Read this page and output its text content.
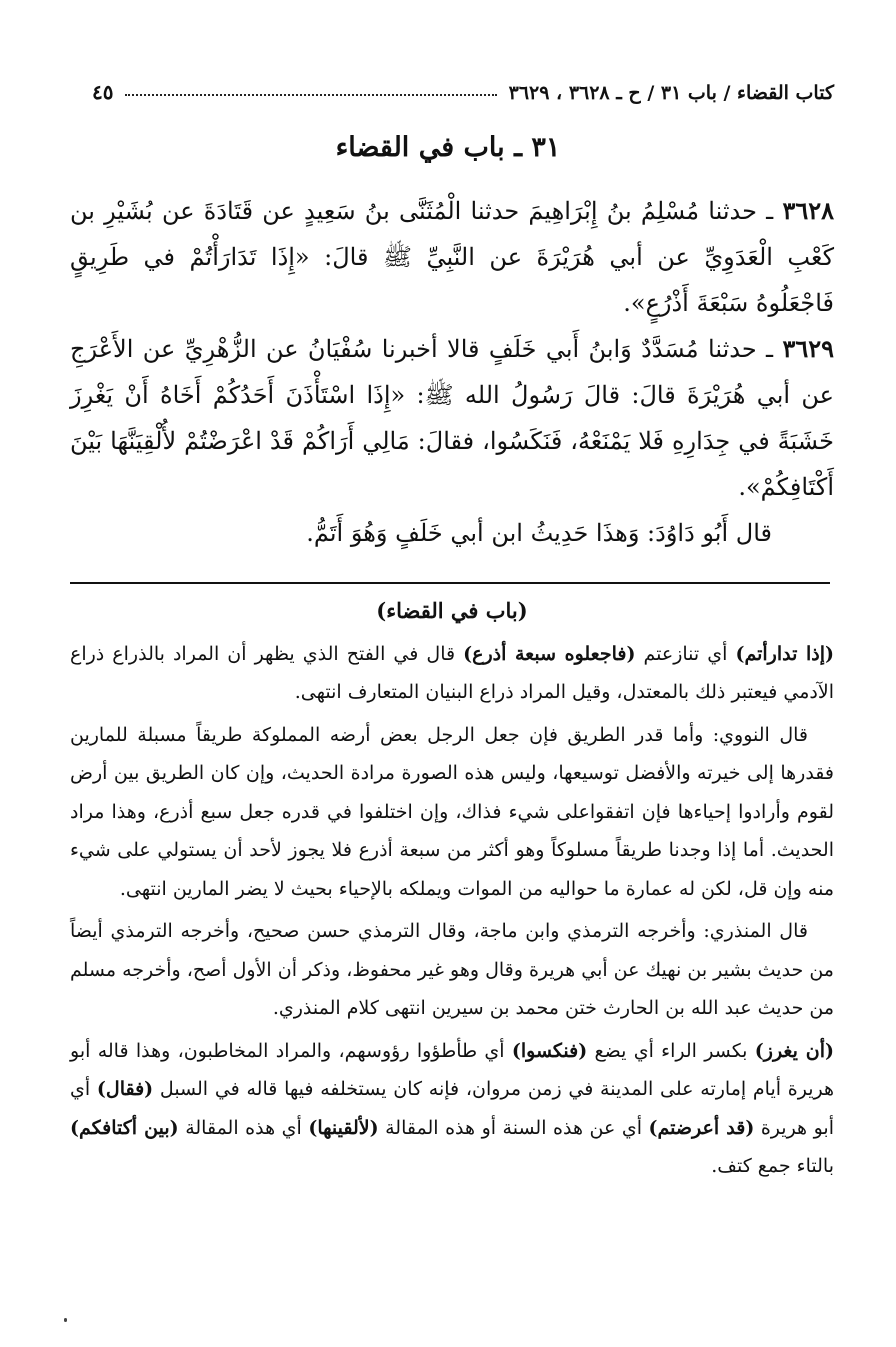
كتاب القضاء / باب ٣١ / ح ـ ٣٦٢٨ ، ٣٦٢٩
٤٥
٣١ ـ باب في القضاء

٣٦٢٨ ـ حدثنا مُسْلِمُ بنُ إِبْرَاهِيمَ حدثنا الْمُثَنَّى بنُ سَعِيدٍ عن قَتَادَةَ عن بُشَيْرِ بن كَعْبِ الْعَدَوِيِّ عن أبي هُرَيْرَةَ عن النَّبِيِّ ﷺ قالَ: «إِذَا تَدَارَأْتُمْ في طَرِيقٍ فَاجْعَلُوهُ سَبْعَةَ أَذْرُعٍ».

٣٦٢٩ ـ حدثنا مُسَدَّدٌ وَابنُ أَبي خَلَفٍ قالا أخبرنا سُفْيَانُ عن الزُّهْرِيِّ عن الأَعْرَجِ عن أبي هُرَيْرَةَ قالَ: قالَ رَسُولُ الله ﷺ: «إِذَا اسْتَأْذَنَ أَحَدُكُمْ أَخَاهُ أَنْ يَغْرِزَ خَشَبَةً في جِدَارِهِ فَلا يَمْنَعْهُ، فَنَكَسُوا، فقالَ: مَالِي أَرَاكُمْ قَدْ اعْرَضْتُمْ لأُلْقِيَنَّهَا بَيْنَ أَكْتَافِكُمْ».

قال أَبُو دَاوُدَ: وَهذَا حَدِيثُ ابن أبي خَلَفٍ وَهُوَ أَتَمُّ.

(باب في القضاء)

(إذا تدارأتم) أي تنازعتم (فاجعلوه سبعة أذرع) قال في الفتح الذي يظهر أن المراد بالذراع ذراع الآدمي فيعتبر ذلك بالمعتدل، وقيل المراد ذراع البنيان المتعارف انتهى.

قال النووي: وأما قدر الطريق فإن جعل الرجل بعض أرضه المملوكة طريقاً مسبلة للمارين فقدرها إلى خيرته والأفضل توسيعها، وليس هذه الصورة مرادة الحديث، وإن كان الطريق بين أرض لقوم وأرادوا إحياءها فإن اتفقواعلى شيء فذاك، وإن اختلفوا في قدره جعل سبع أذرع، وهذا مراد الحديث. أما إذا وجدنا طريقاً مسلوكاً وهو أكثر من سبعة أذرع فلا يجوز لأحد أن يستولي على شيء منه وإن قل، لكن له عمارة ما حواليه من الموات ويملكه بالإحياء بحيث لا يضر المارين انتهى.

قال المنذري: وأخرجه الترمذي وابن ماجة، وقال الترمذي حسن صحيح، وأخرجه الترمذي أيضاً من حديث بشير بن نهيك عن أبي هريرة وقال وهو غير محفوظ، وذكر أن الأول أصح، وأخرجه مسلم من حديث عبد الله بن الحارث ختن محمد بن سيرين انتهى كلام المنذري.

(أن يغرز) بكسر الراء أي يضع (فنكسوا) أي طأطؤوا رؤوسهم، والمراد المخاطبون، وهذا قاله أبو هريرة أيام إمارته على المدينة في زمن مروان، فإنه كان يستخلفه فيها قاله في السبل (فقال) أي أبو هريرة (قد أعرضتم) أي عن هذه السنة أو هذه المقالة (لألقينها) أي هذه المقالة (بين أكتافكم) بالتاء جمع كتف.
